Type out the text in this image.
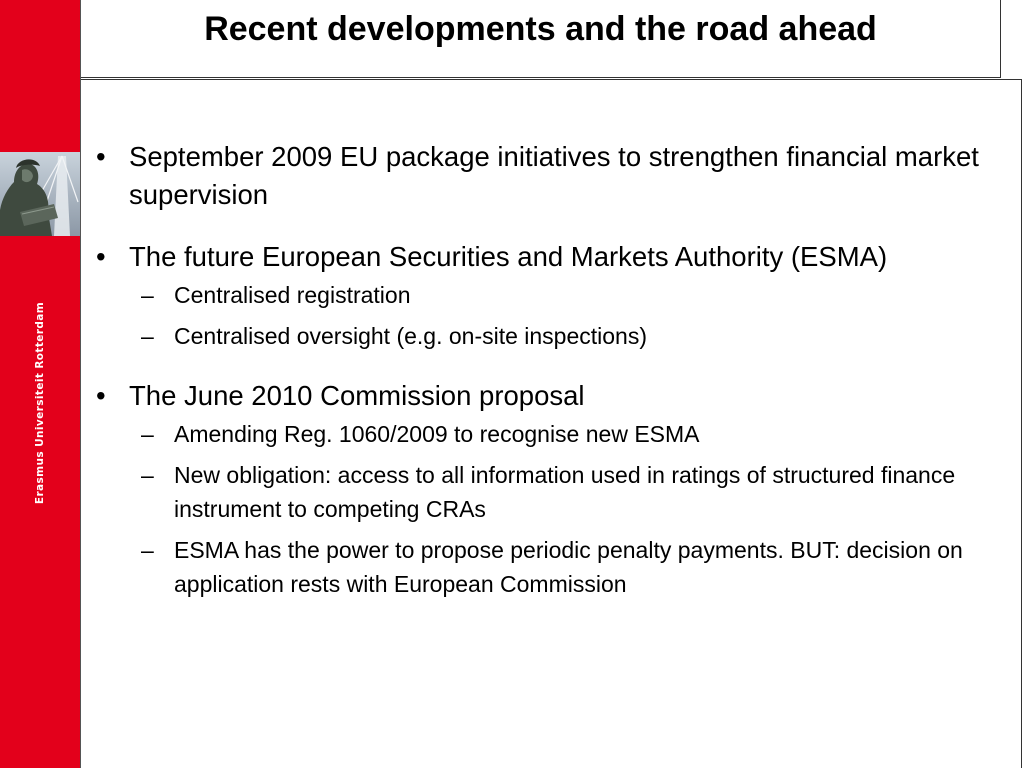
Erasmus Universiteit Rotterdam
Recent developments and the road ahead
• September 2009 EU package initiatives to strengthen financial market supervision
• The future European Securities and Markets Authority (ESMA)
– Centralised registration
– Centralised oversight (e.g. on-site inspections)
• The June 2010 Commission proposal
– Amending Reg. 1060/2009 to recognise new ESMA
– New obligation: access to all information used in ratings of structured finance instrument to competing CRAs
– ESMA has the power to propose periodic penalty payments. BUT: decision on application rests with European Commission
